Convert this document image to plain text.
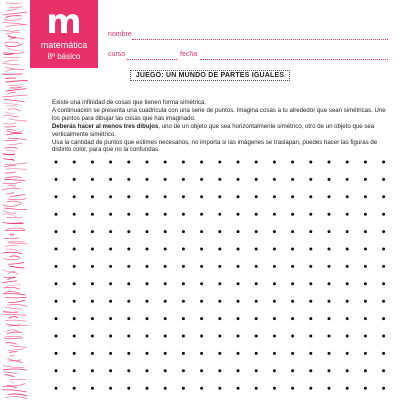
m
matemática
8º básico
nombre
curso	fecha
JUEGO: UN MUNDO DE PARTES IGUALES

Existe una infinidad de cosas que tienen forma simétrica.

A continuación se presenta una cuadricula con una serie de puntos. Imagina cosas a tu alrededor que sean simétricas. Une los puntos para dibujar las cosas que has imaginado.

Deberás hacer al menos tres dibujos, uno de un objeto que sea horizontalmente simétrico, otro de un objeto que sea verticalmente simétrico.

Usa la cantidad de puntos que estimes necesarios, no importa si las imágenes se traslapan, puedes hacer las figuras de distinto color, para que no la confundas.
